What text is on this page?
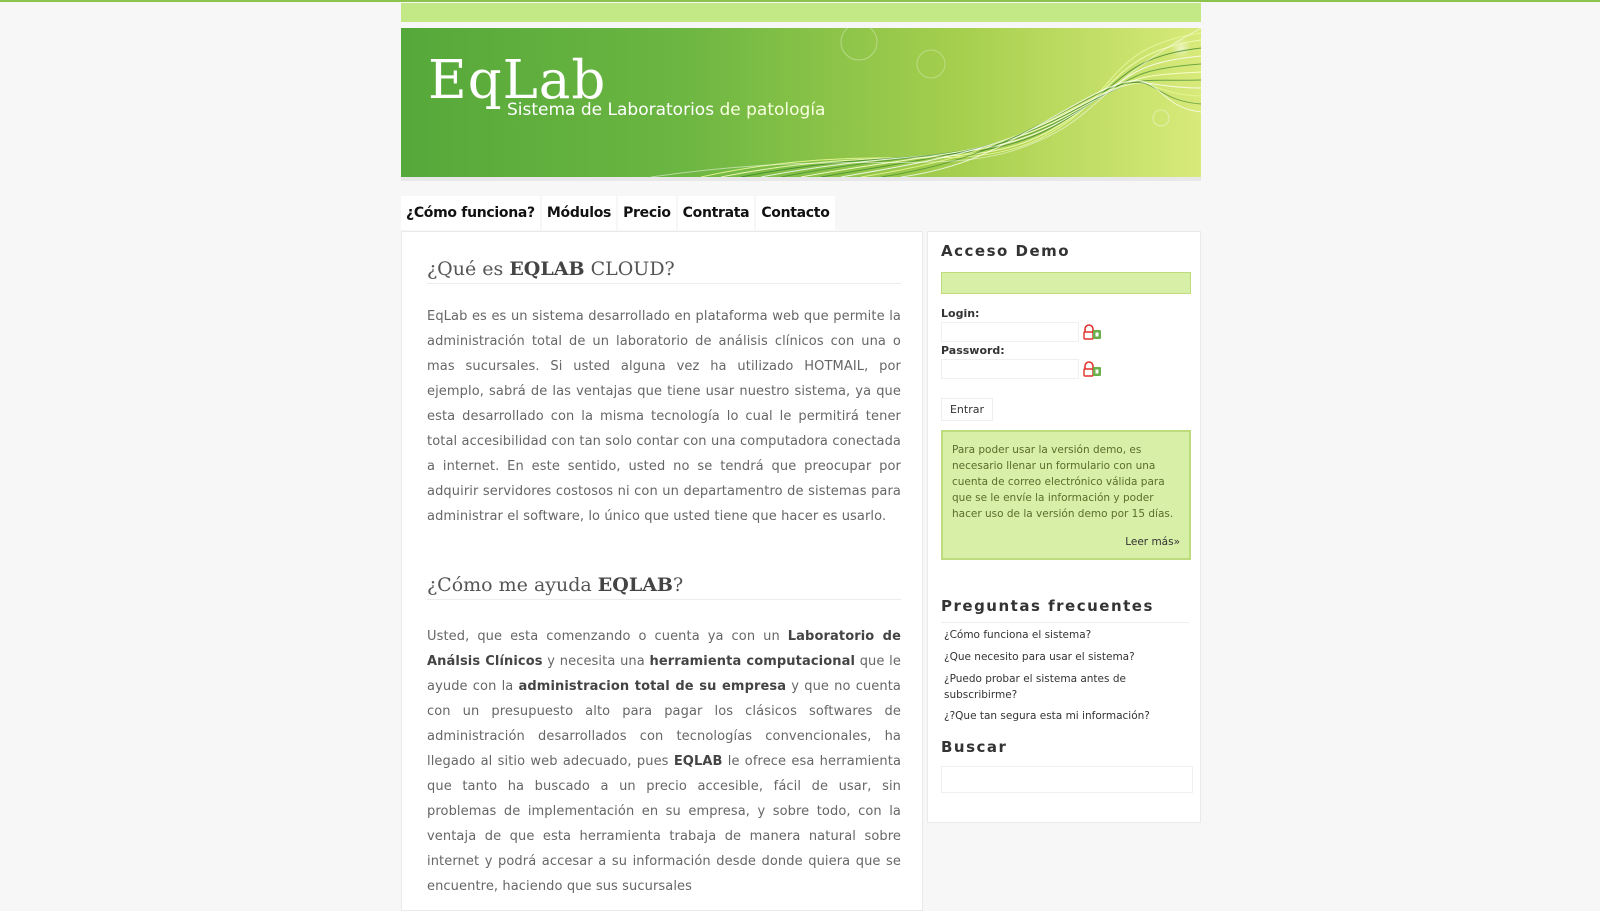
EqLab
Sistema de Laboratorios de patología
¿Cómo funciona? Módulos Precio Contrata Contacto
¿Qué es EQLAB CLOUD?

EqLab es es un sistema desarrollado en plataforma web que permite la administración total de un laboratorio de análisis clínicos con una o mas sucursales. Si usted alguna vez ha utilizado HOTMAIL, por ejemplo, sabrá de las ventajas que tiene usar nuestro sistema, ya que esta desarrollado con la misma tecnología lo cual le permitirá tener total accesibilidad con tan solo contar con una computadora conectada a internet. En este sentido, usted no se tendrá que preocupar por adquirir servidores costosos ni con un departamentro de sistemas para administrar el software, lo único que usted tiene que hacer es usarlo.

¿Cómo me ayuda EQLAB?

Usted, que esta comenzando o cuenta ya con un Laboratorio de Análsis Clínicos y necesita una herramienta computacional que le ayude con la administracion total de su empresa y que no cuenta con un presupuesto alto para pagar los clásicos softwares de administración desarrollados con tecnologías convencionales, ha llegado al sitio web adecuado, pues EQLAB le ofrece esa herramienta que tanto ha buscado a un precio accesible, fácil de usar, sin problemas de implementación en su empresa, y sobre todo, con la ventaja de que esta herramienta trabaja de manera natural sobre internet y podrá accesar a su información desde donde quiera que se encuentre, haciendo que sus sucursales

Acceso Demo
Login:
Password:
Entrar
Para poder usar la versión demo, es necesario llenar un formulario con una cuenta de correo electrónico válida para que se le envíe la información y poder hacer uso de la versión demo por 15 días.
Leer más»
Preguntas frecuentes
¿Cómo funciona el sistema?
¿Que necesito para usar el sistema?
¿Puedo probar el sistema antes de subscribirme?
¿?Que tan segura esta mi información?
Buscar
